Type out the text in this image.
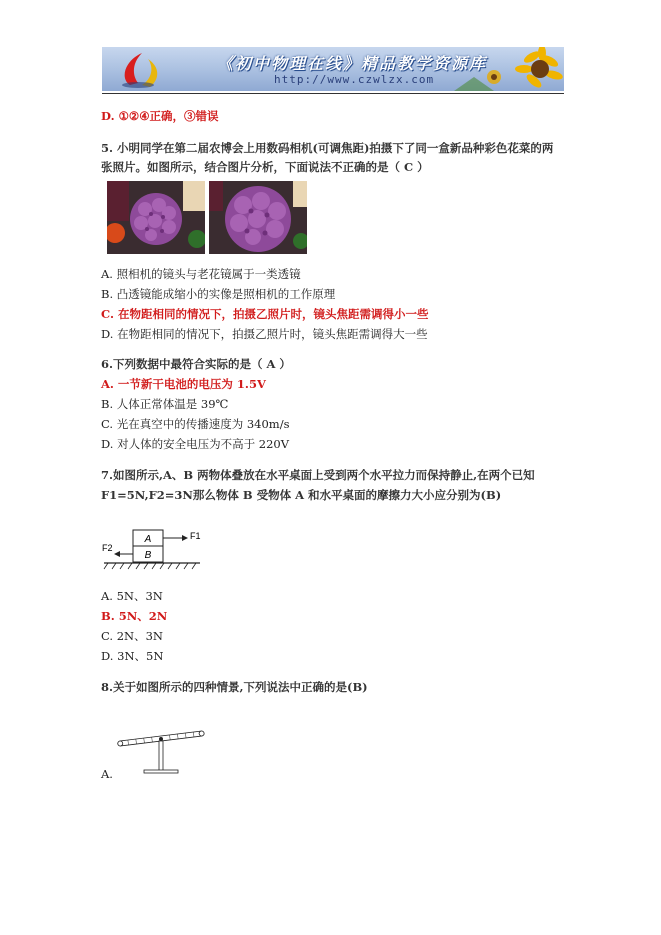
《初中物理在线》精品教学资源库
http://www.czwlzx.com
D. ①②④正确，③错误
5. 小明同学在第二届农博会上用数码相机(可调焦距)拍摄下了同一盒新品种彩色花菜的两
张照片。如图所示，结合图片分析，下面说法不正确的是（ C ）
A. 照相机的镜头与老花镜属于一类透镜
B. 凸透镜能成缩小的实像是照相机的工作原理
C. 在物距相同的情况下，拍摄乙照片时，镜头焦距需调得小一些
D. 在物距相同的情况下，拍摄乙照片时，镜头焦距需调得大一些
6.下列数据中最符合实际的是（ A ）
A. 一节新干电池的电压为 1.5V
B. 人体正常体温是 39℃
C. 光在真空中的传播速度为 340m/s
D. 对人体的安全电压为不高于 220V
7.如图所示,A、B 两物体叠放在水平桌面上受到两个水平拉力而保持静止,在两个已知
F1=5N,F2=3N那么物体 B 受物体 A 和水平桌面的摩擦力大小应分别为(B)
A
B
F1
F2
A. 5N、3N
B. 5N、2N
C. 2N、3N
D. 3N、5N
8.关于如图所示的四种情景,下列说法中正确的是(B)
A.
